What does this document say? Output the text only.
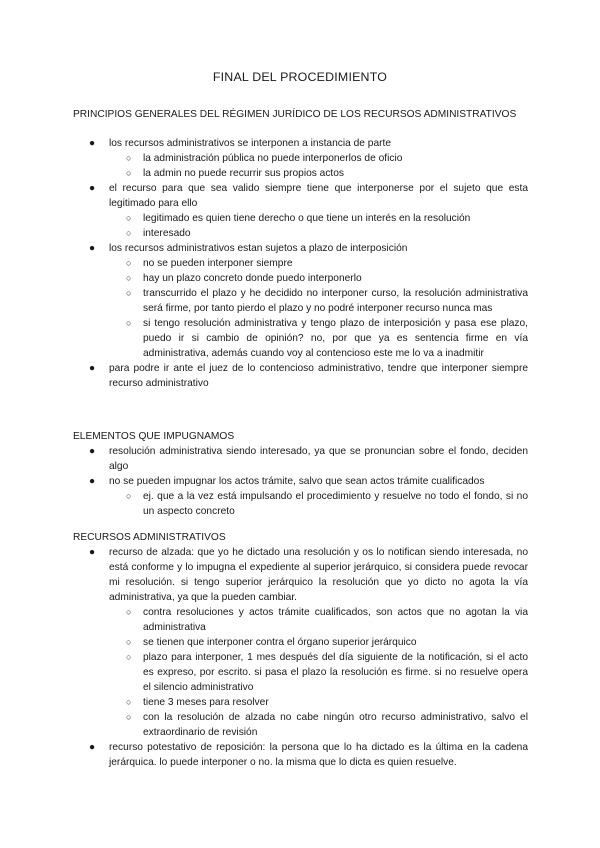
FINAL DEL PROCEDIMIENTO
PRINCIPIOS GENERALES DEL RÉGIMEN JURÍDICO DE LOS RECURSOS ADMINISTRATIVOS
● los recursos administrativos se interponen a instancia de parte
○ la administración pública no puede interponerlos de oficio
○ la admin no puede recurrir sus propios actos
● el recurso para que sea valido siempre tiene que interponerse por el sujeto que esta legitimado para ello
○ legitimado es quien tiene derecho o que tiene un interés en la resolución
○ interesado
● los recursos administrativos estan sujetos a plazo de interposición
○ no se pueden interponer siempre
○ hay un plazo concreto donde puedo interponerlo
○ transcurrido el plazo y he decidido no interponer curso, la resolución administrativa será firme, por tanto pierdo el plazo y no podré interponer recurso nunca mas
○ si tengo resolución administrativa y tengo plazo de interposición y pasa ese plazo, puedo ir si cambio de opinión? no, por que ya es sentencia firme en vía administrativa, además cuando voy al contencioso este me lo va a inadmitir
● para podre ir ante el juez de lo contencioso administrativo, tendre que interponer siempre recurso administrativo
ELEMENTOS QUE IMPUGNAMOS
● resolución administrativa siendo interesado, ya que se pronuncian sobre el fondo, deciden algo
● no se pueden impugnar los actos trámite, salvo que sean actos trámite cualificados
○ ej. que a la vez está impulsando el procedimiento y resuelve no todo el fondo, si no un aspecto concreto
RECURSOS ADMINISTRATIVOS
● recurso de alzada: que yo he dictado una resolución y os lo notifican siendo interesada, no está conforme y lo impugna el expediente al superior jerárquico, si considera puede revocar mi resolución. si tengo superior jerárquico la resolución que yo dicto no agota la vía administrativa, ya que la pueden cambiar.
○ contra resoluciones y actos trámite cualificados, son actos que no agotan la via administrativa
○ se tienen que interponer contra el órgano superior jerárquico
○ plazo para interponer, 1 mes después del día siguiente de la notificación, si el acto es expreso, por escrito. si pasa el plazo la resolución es firme. si no resuelve opera el silencio administrativo
○ tiene 3 meses para resolver
○ con la resolución de alzada no cabe ningún otro recurso administrativo, salvo el extraordinario de revisión
● recurso potestativo de reposición: la persona que lo ha dictado es la última en la cadena jerárquica. lo puede interponer o no. la misma que lo dicta es quien resuelve.
